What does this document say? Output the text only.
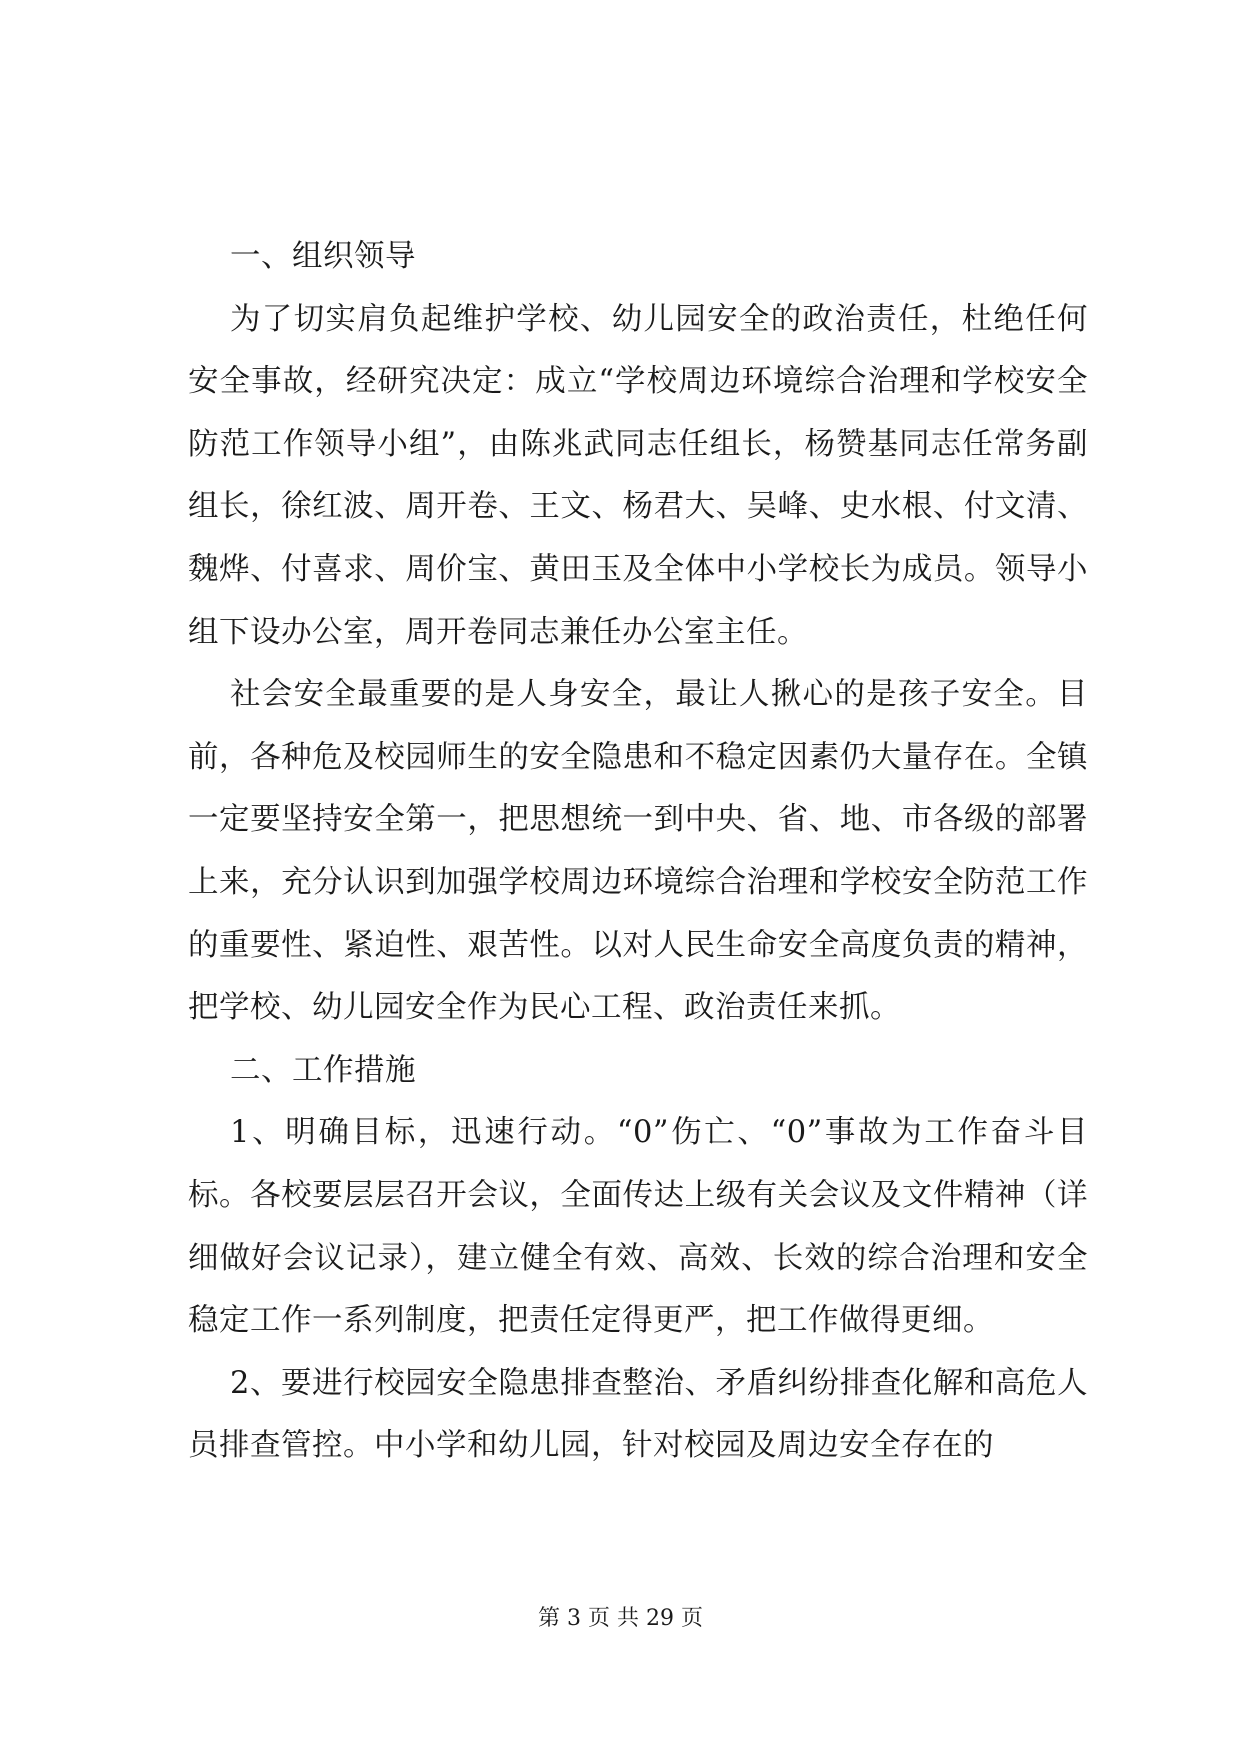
一、组织领导

为了切实肩负起维护学校、幼儿园安全的政治责任，杜绝任何安全事故，经研究决定：成立“学校周边环境综合治理和学校安全防范工作领导小组”，由陈兆武同志任组长，杨赞基同志任常务副组长，徐红波、周开卷、王文、杨君大、吴峰、史水根、付文清、魏烨、付喜求、周价宝、黄田玉及全体中小学校长为成员。领导小组下设办公室，周开卷同志兼任办公室主任。

社会安全最重要的是人身安全，最让人揪心的是孩子安全。目前，各种危及校园师生的安全隐患和不稳定因素仍大量存在。全镇一定要坚持安全第一，把思想统一到中央、省、地、市各级的部署上来，充分认识到加强学校周边环境综合治理和学校安全防范工作的重要性、紧迫性、艰苦性。以对人民生命安全高度负责的精神，把学校、幼儿园安全作为民心工程、政治责任来抓。

二、工作措施

1、明确目标，迅速行动。“0”伤亡、“0”事故为工作奋斗目标。各校要层层召开会议，全面传达上级有关会议及文件精神（详细做好会议记录），建立健全有效、高效、长效的综合治理和安全稳定工作一系列制度，把责任定得更严，把工作做得更细。

2、要进行校园安全隐患排查整治、矛盾纠纷排查化解和高危人员排查管控。中小学和幼儿园，针对校园及周边安全存在的

第 3 页 共 29 页
